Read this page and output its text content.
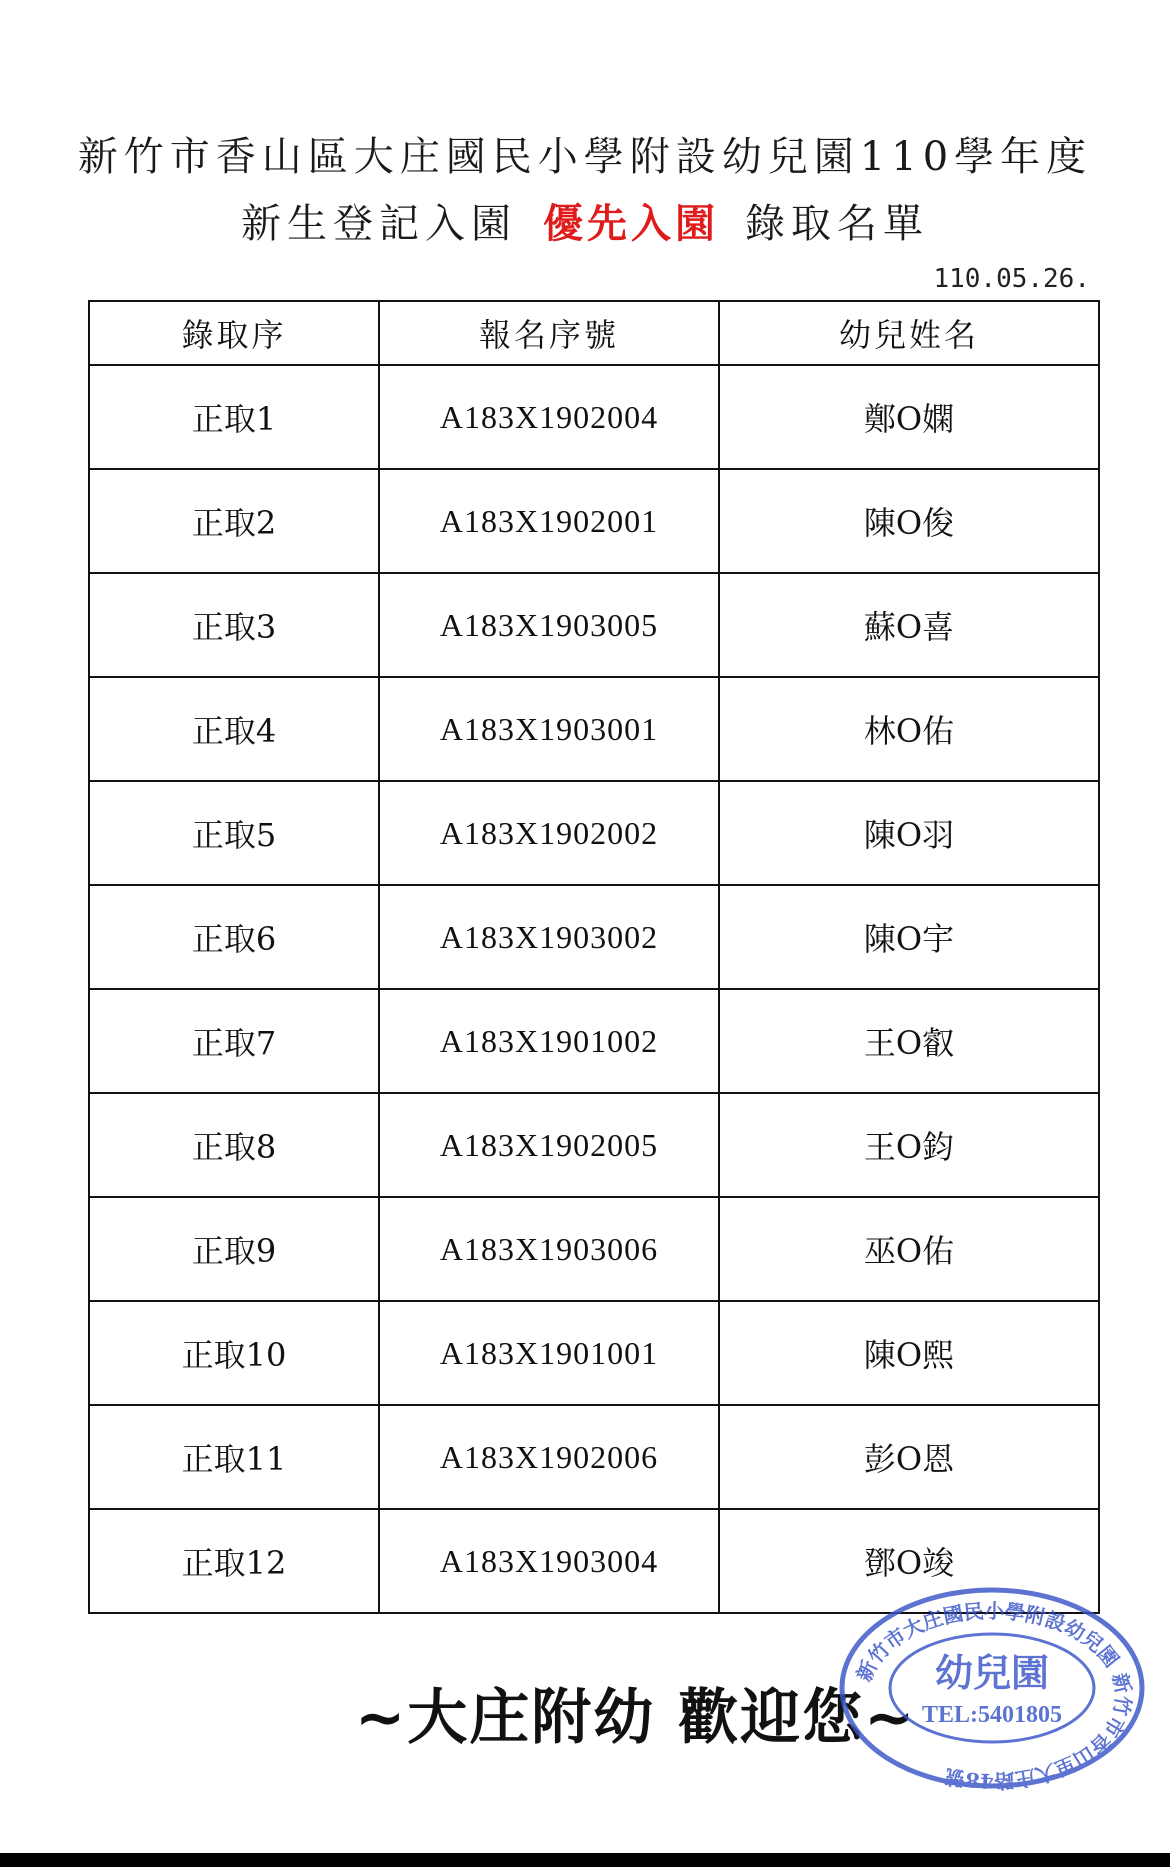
新竹市香山區大庄國民小學附設幼兒園110學年度
新生登記入園 優先入園 錄取名單
110.05.26.
錄取序	報名序號	幼兒姓名
正取1	A183X1902004	鄭O嫻
正取2	A183X1902001	陳O俊
正取3	A183X1903005	蘇O喜
正取4	A183X1903001	林O佑
正取5	A183X1902002	陳O羽
正取6	A183X1903002	陳O宇
正取7	A183X1901002	王O叡
正取8	A183X1902005	王O鈞
正取9	A183X1903006	巫O佑
正取10	A183X1901001	陳O熙
正取11	A183X1902006	彭O恩
正取12	A183X1903004	鄧O竣
~大庄附幼 歡迎您~
新竹市大庄國民小學附設幼兒園 新竹市香山里大庄路48號
幼兒園
TEL:5401805
